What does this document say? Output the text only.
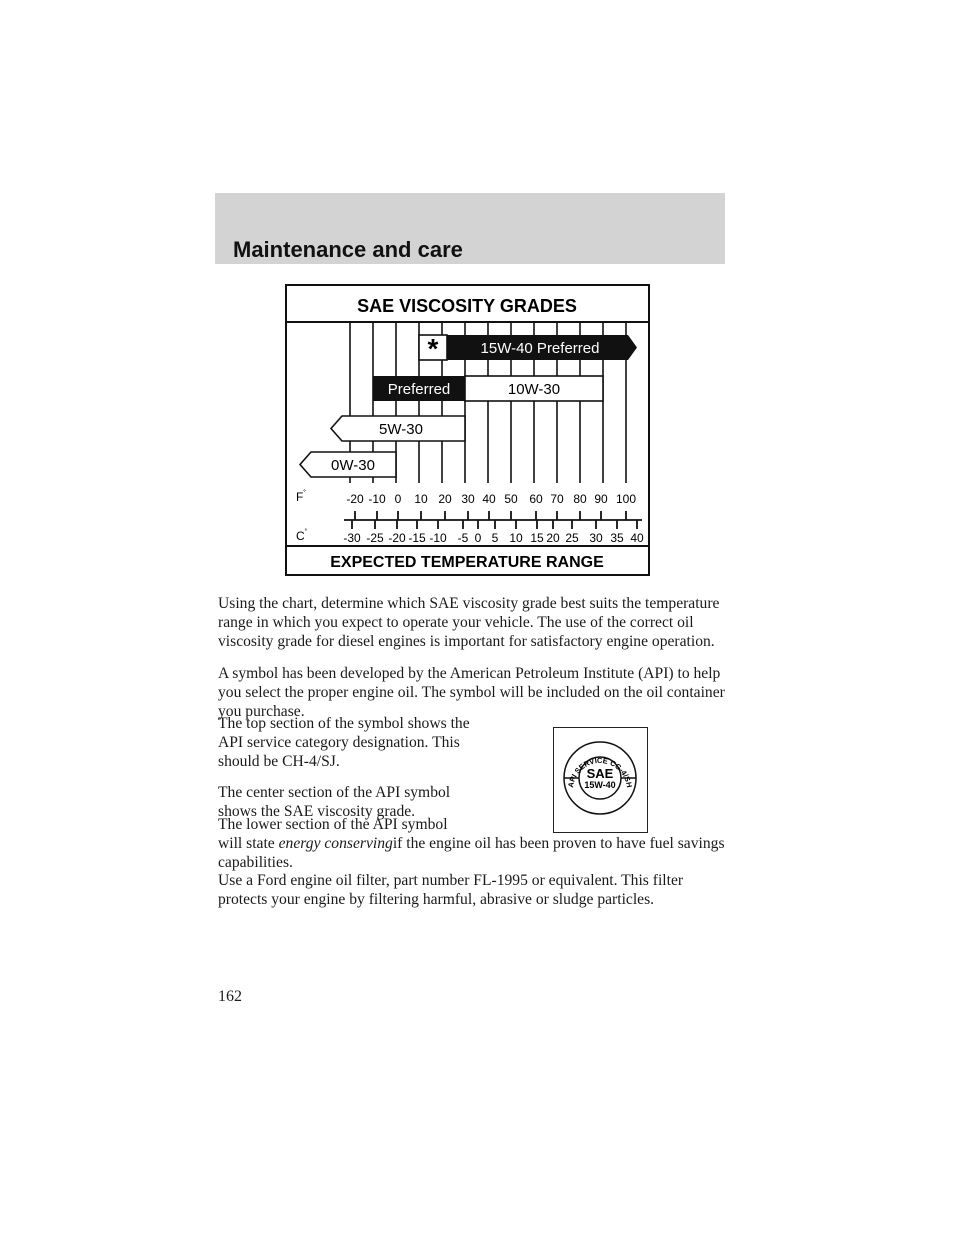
Maintenance and care
SAE VISCOSITY GRADES
*	15W-40 Preferred
Preferred	10W-30
5W-30
0W-30
F˚	-20 -10 0 10 20 30 40 50 60 70 80 90 100
C˚	-30 -25 -20 -15 -10 -5 0 5 10 15 20 25 30 35 40
EXPECTED TEMPERATURE RANGE

Using the chart, determine which SAE viscosity grade best suits the temperature range in which you expect to operate your vehicle. The use of the correct oil viscosity grade for diesel engines is important for satisfactory engine operation.

A symbol has been developed by the American Petroleum Institute (API) to help you select the proper engine oil. The symbol will be included on the oil container you purchase.

The top section of the symbol shows the API service category designation. This should be CH-4/SJ.

The center section of the API symbol shows the SAE viscosity grade.

The lower section of the API symbol
will state energy conservingif the engine oil has been proven to have fuel savings capabilities.

Use a Ford engine oil filter, part number FL-1995 or equivalent. This filter protects your engine by filtering harmful, abrasive or sludge particles.

API SERVICE CG-4/SH
SAE
15W-40
162
